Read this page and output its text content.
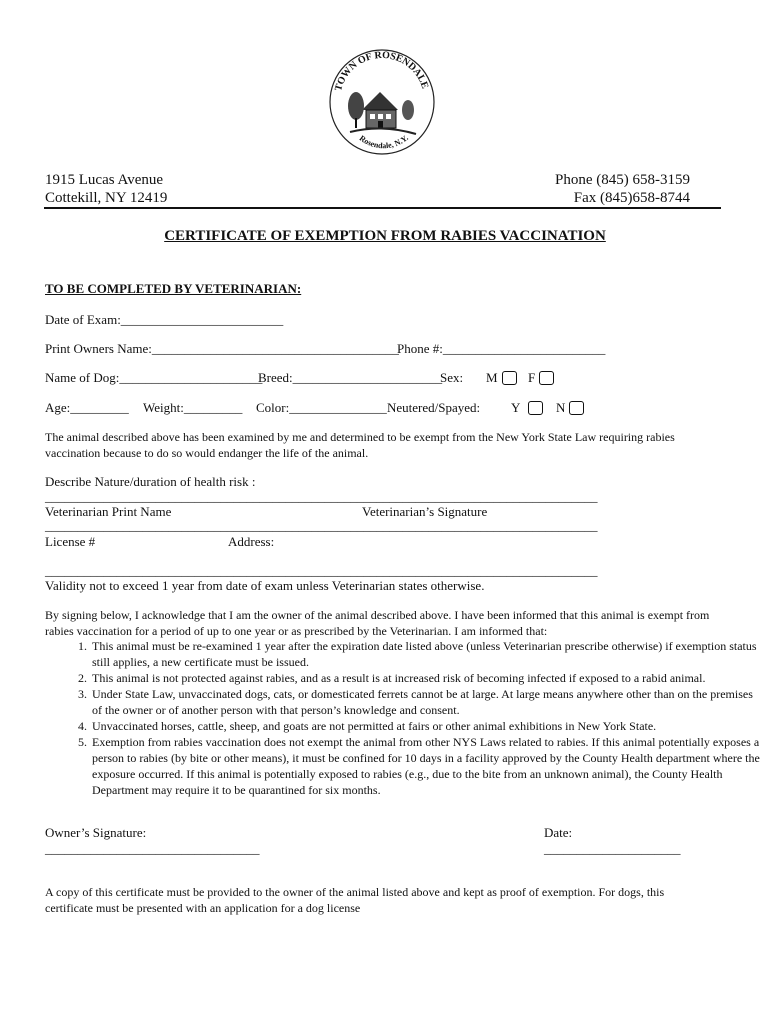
TOWN OF ROSENDALE
Rosendale, N.Y.
1915 Lucas Avenue
Cottekill, NY 12419
Phone (845) 658-3159
Fax (845)658-8744
CERTIFICATE OF EXEMPTION FROM RABIES VACCINATION
TO BE COMPLETED BY VETERINARIAN:
Date of Exam:_________________________
Print Owners Name:______________________________________
Phone #:_________________________
Name of Dog:______________________
Breed:_______________________
Sex: M	F
Age:_________ Weight:_________ Color:_______________ Neutered/Spayed: Y	N
The animal described above has been examined by me and determined to be exempt from the New York State Law requiring rabies vaccination because to do so would endanger the life of the animal.
Describe Nature/duration of health risk :
_____________________________________________________________________________________
Veterinarian Print Name	Veterinarian’s Signature
_____________________________________________________________________________________
License #	Address:
_____________________________________________________________________________________
Validity not to exceed 1 year from date of exam unless Veterinarian states otherwise.
By signing below, I acknowledge that I am the owner of the animal described above. I have been informed that this animal is exempt from rabies vaccination for a period of up to one year or as prescribed by the Veterinarian. I am informed that:
1. This animal must be re-examined 1 year after the expiration date listed above (unless Veterinarian prescribe otherwise) if exemption status still applies, a new certificate must be issued.
2. This animal is not protected against rabies, and as a result is at increased risk of becoming infected if exposed to a rabid animal.
3. Under State Law, unvaccinated dogs, cats, or domesticated ferrets cannot be at large. At large means anywhere other than on the premises of the owner or of another person with that person’s knowledge and consent.
4. Unvaccinated horses, cattle, sheep, and goats are not permitted at fairs or other animal exhibitions in New York State.
5. Exemption from rabies vaccination does not exempt the animal from other NYS Laws related to rabies. If this animal potentially exposes a person to rabies (by bite or other means), it must be confined for 10 days in a facility approved by the County Health department where the exposure occurred. If this animal is potentially exposed to rabies (e.g., due to the bite from an unknown animal), the County Health Department may require it to be quarantined for six months.
Owner’s Signature:
_________________________________
Date:
_____________________
A copy of this certificate must be provided to the owner of the animal listed above and kept as proof of exemption. For dogs, this certificate must be presented with an application for a dog license
